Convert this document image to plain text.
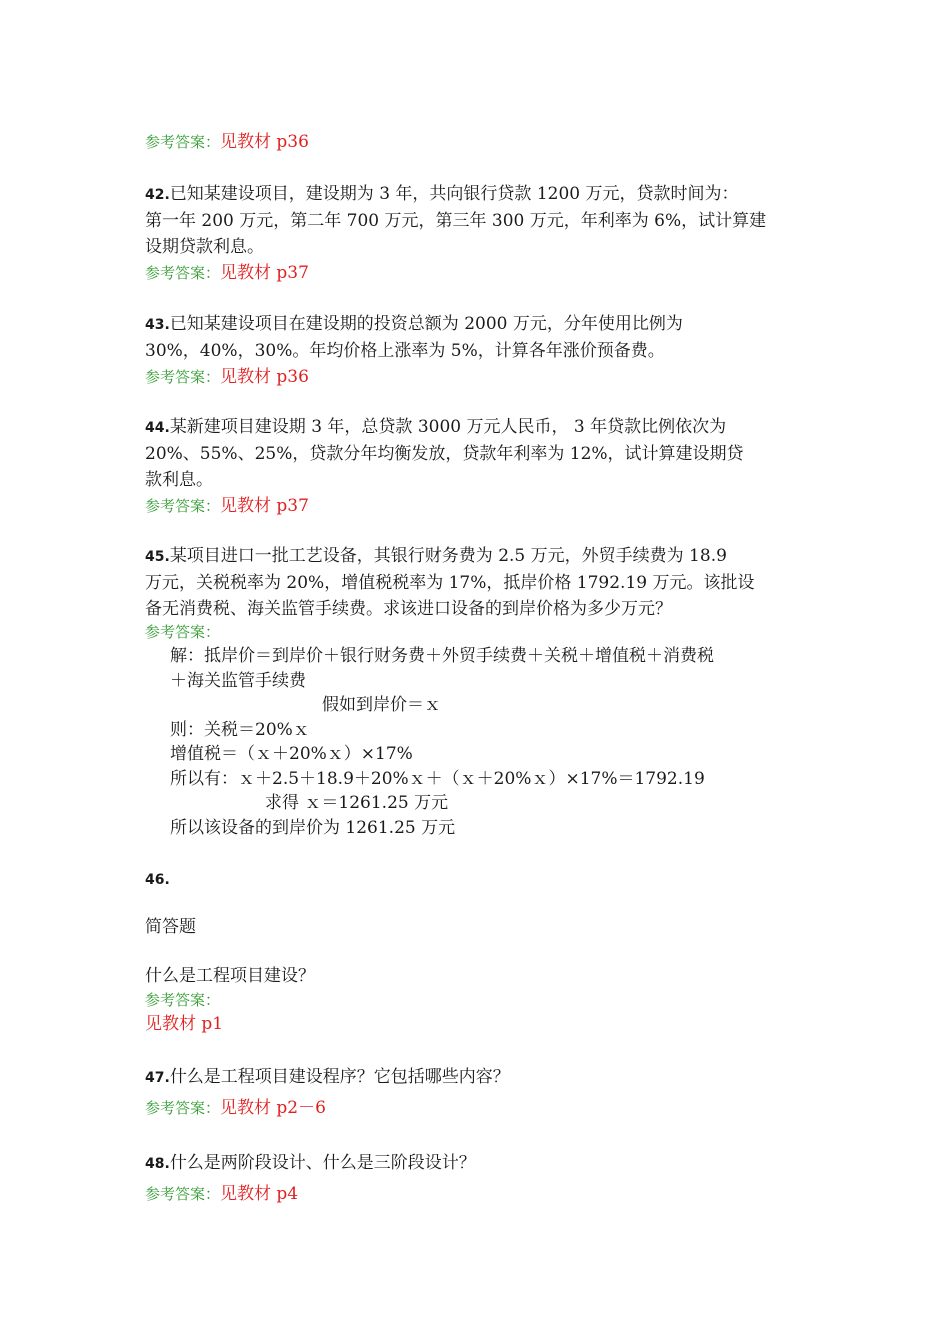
参考答案：见教材 p36

42.已知某建设项目，建设期为 3 年，共向银行贷款 1200 万元，贷款时间为：

第一年 200 万元，第二年 700 万元，第三年 300 万元，年利率为 6%，试计算建

设期贷款利息。

参考答案：见教材 p37

43.已知某建设项目在建设期的投资总额为 2000 万元，分年使用比例为

30%，40%，30%。年均价格上涨率为 5%，计算各年涨价预备费。

参考答案：见教材 p36

44.某新建项目建设期 3 年，总贷款 3000 万元人民币， 3 年贷款比例依次为

20%、55%、25%，贷款分年均衡发放，贷款年利率为 12%，试计算建设期贷

款利息。

参考答案：见教材 p37

45.某项目进口一批工艺设备，其银行财务费为 2.5 万元，外贸手续费为 18.9

万元，关税税率为 20%，增值税税率为 17%，抵岸价格 1792.19 万元。该批设

备无消费税、海关监管手续费。求该进口设备的到岸价格为多少万元？

参考答案：

解：抵岸价＝到岸价＋银行财务费＋外贸手续费＋关税＋增值税＋消费税
＋海关监管手续费
假如到岸价＝ｘ
则：关税＝20%ｘ
增值税＝（ｘ＋20%ｘ）×17%
所以有：ｘ＋2.5＋18.9＋20%ｘ＋（ｘ＋20%ｘ）×17%＝1792.19
求得 ｘ＝1261.25 万元
所以该设备的到岸价为 1261.25 万元

46.

简答题

什么是工程项目建设？

参考答案：

见教材 p1

47.什么是工程项目建设程序？它包括哪些内容？

参考答案：见教材 p2－6

48.什么是两阶段设计、什么是三阶段设计？

参考答案：见教材 p4
